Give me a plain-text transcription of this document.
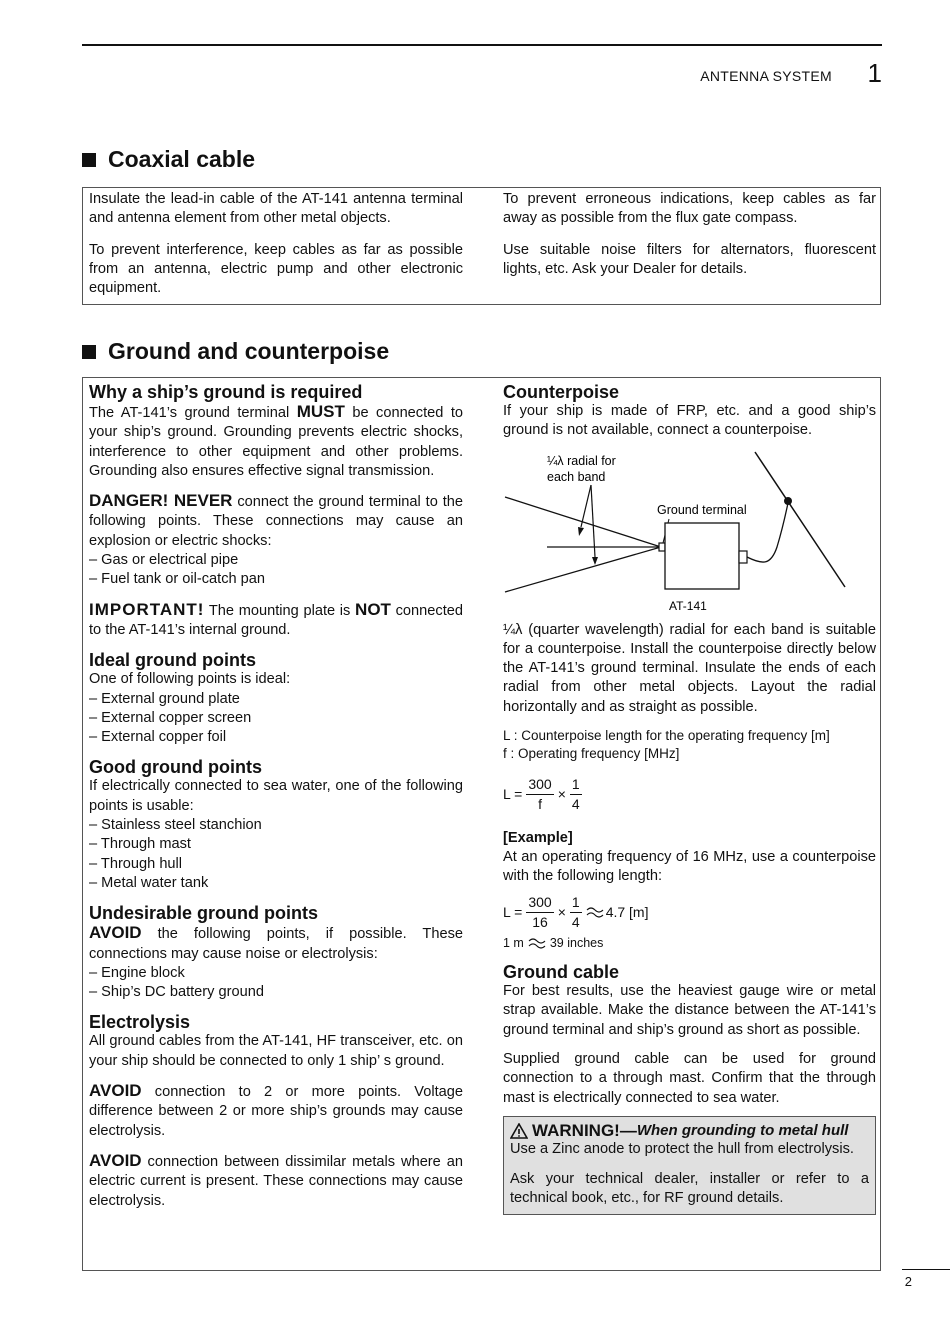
ANTENNA SYSTEM 1
Coaxial cable

Insulate the lead-in cable of the AT-141 antenna terminal and antenna element from other metal objects.

To prevent interference, keep cables as far as possible from an antenna, electric pump and other electronic equipment.

To prevent erroneous indications, keep cables as far away as possible from the flux gate compass.

Use suitable noise filters for alternators, fluorescent lights, etc. Ask your Dealer for details.

Ground and counterpoise
Why a ship’s ground is required
The AT-141’s ground terminal MUST be connected to your ship’s ground. Grounding prevents electric shocks, interference to other equipment and other problems. Grounding also ensures effective signal transmission.
DANGER! NEVER connect the ground terminal to the following points. These connections may cause an explosion or electric shocks:
– Gas or electrical pipe
– Fuel tank or oil-catch pan
IMPORTANT! The mounting plate is NOT connected to the AT-141’s internal ground.
Ideal ground points
One of following points is ideal:
– External ground plate
– External copper screen
– External copper foil
Good ground points
If electrically connected to sea water, one of the following points is usable:
– Stainless steel stanchion
– Through mast
– Through hull
– Metal water tank
Undesirable ground points
AVOID the following points, if possible. These connections may cause noise or electrolysis:
– Engine block
– Ship’s DC battery ground
Electrolysis
All ground cables from the AT-141, HF transceiver, etc. on your ship should be connected to only 1 ship’ s ground.
AVOID connection to 2 or more points. Voltage difference between 2 or more ship’s grounds may cause electrolysis.
AVOID connection between dissimilar metals where an electric current is present. These connections may cause electrolysis.
Counterpoise
If your ship is made of FRP, etc. and a good ship’s ground is not available, connect a counterpoise.
¼λ radial for
each band
Ground terminal
AT-141
¼λ (quarter wavelength) radial for each band is suitable for a counterpoise. Install the counterpoise directly below the AT-141’s ground terminal. Insulate the ends of each radial from other metal objects. Layout the radial horizontally and as straight as possible.
L : Counterpoise length for the operating frequency [m]
f : Operating frequency [MHz]
$L = \frac{300}{f} \times \frac{1}{4}$
[Example]
At an operating frequency of 16 MHz, use a counterpoise with the following length:
$L = \frac{300}{16} \times \frac{1}{4} 4.7$ [m]
1 m 39 inches
Ground cable
For best results, use the heaviest gauge wire or metal strap available. Make the distance between the AT-141’s ground terminal and ship’s ground as short as possible.
Supplied ground cable can be used for ground connection to a through mast. Confirm that the through mast is electrically connected to sea water.
WARNING!— When grounding to metal hull
Use a Zinc anode to protect the hull from electrolysis.
Ask your technical dealer, installer or refer to a technical book, etc., for RF ground details.
2
